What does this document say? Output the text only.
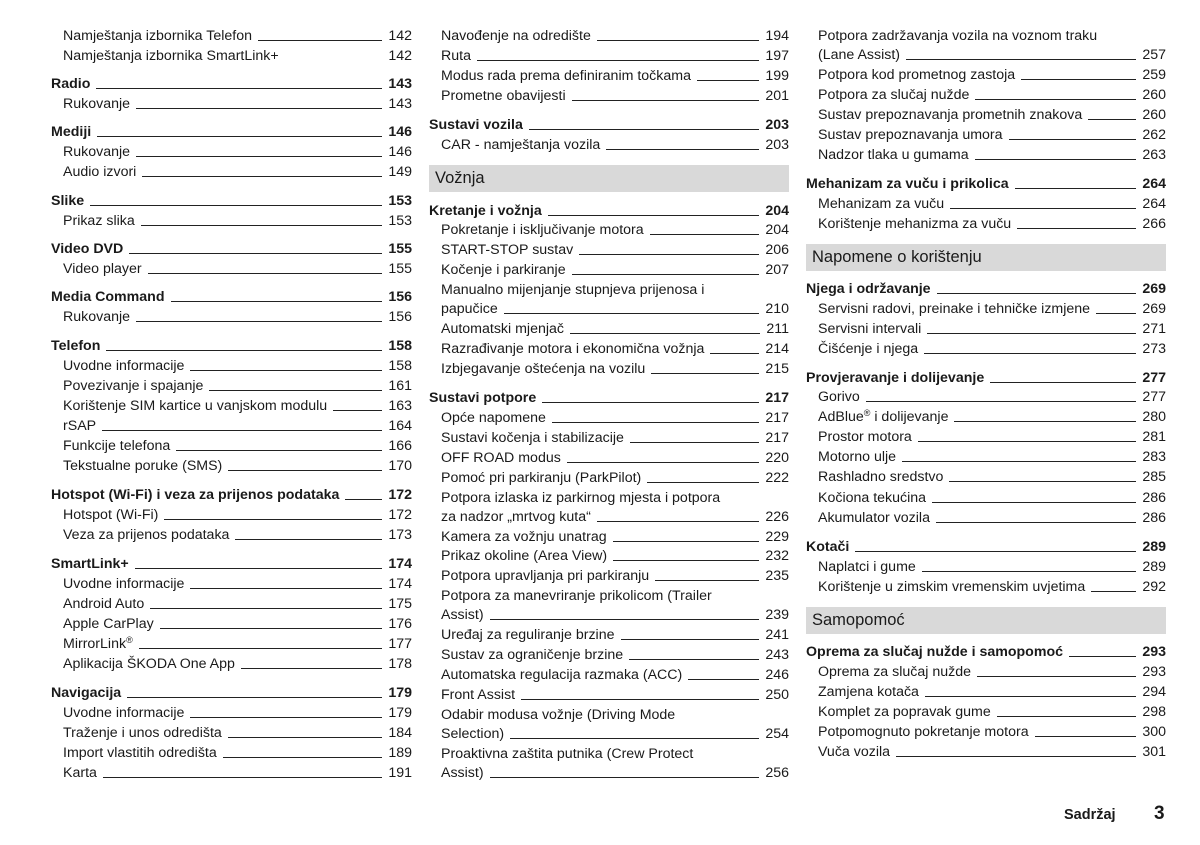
Namještanja izbornika Telefon	142
Namještanja izbornika SmartLink+	142
Radio	143
Rukovanje	143
Mediji	146
Rukovanje	146
Audio izvori	149
Slike	153
Prikaz slika	153
Video DVD	155
Video player	155
Media Command	156
Rukovanje	156
Telefon	158
Uvodne informacije	158
Povezivanje i spajanje	161
Korištenje SIM kartice u vanjskom modulu	163
rSAP	164
Funkcije telefona	166
Tekstualne poruke (SMS)	170
Hotspot (Wi-Fi) i veza za prijenos podataka	172
Hotspot (Wi-Fi)	172
Veza za prijenos podataka	173
SmartLink+	174
Uvodne informacije	174
Android Auto	175
Apple CarPlay	176
MirrorLink®	177
Aplikacija ŠKODA One App	178
Navigacija	179
Uvodne informacije	179
Traženje i unos odredišta	184
Import vlastitih odredišta	189
Karta	191
Navođenje na odredište	194
Ruta	197
Modus rada prema definiranim točkama	199
Prometne obavijesti	201
Sustavi vozila	203
CAR - namještanja vozila	203
Vožnja
Kretanje i vožnja	204
Pokretanje i isključivanje motora	204
START-STOP sustav	206
Kočenje i parkiranje	207
Manualno mijenjanje stupnjeva prijenosa i
papučice	210
Automatski mjenjač	211
Razrađivanje motora i ekonomična vožnja	214
Izbjegavanje oštećenja na vozilu	215
Sustavi potpore	217
Opće napomene	217
Sustavi kočenja i stabilizacije	217
OFF ROAD modus	220
Pomoć pri parkiranju (ParkPilot)	222
Potpora izlaska iz parkirnog mjesta i potpora
za nadzor „mrtvog kuta“	226
Kamera za vožnju unatrag	229
Prikaz okoline (Area View)	232
Potpora upravljanja pri parkiranju	235
Potpora za manevriranje prikolicom (Trailer
Assist)	239
Uređaj za reguliranje brzine	241
Sustav za ograničenje brzine	243
Automatska regulacija razmaka (ACC)	246
Front Assist	250
Odabir modusa vožnje (Driving Mode
Selection)	254
Proaktivna zaštita putnika (Crew Protect
Assist)	256
Potpora zadržavanja vozila na voznom traku
(Lane Assist)	257
Potpora kod prometnog zastoja	259
Potpora za slučaj nužde	260
Sustav prepoznavanja prometnih znakova	260
Sustav prepoznavanja umora	262
Nadzor tlaka u gumama	263
Mehanizam za vuču i prikolica	264
Mehanizam za vuču	264
Korištenje mehanizma za vuču	266
Napomene o korištenju
Njega i održavanje	269
Servisni radovi, preinake i tehničke izmjene	269
Servisni intervali	271
Čišćenje i njega	273
Provjeravanje i dolijevanje	277
Gorivo	277
AdBlue® i dolijevanje	280
Prostor motora	281
Motorno ulje	283
Rashladno sredstvo	285
Kočiona tekućina	286
Akumulator vozila	286
Kotači	289
Naplatci i gume	289
Korištenje u zimskim vremenskim uvjetima	292
Samopomoć
Oprema za slučaj nužde i samopomoć	293
Oprema za slučaj nužde	293
Zamjena kotača	294
Komplet za popravak gume	298
Potpomognuto pokretanje motora	300
Vuča vozila	301
Sadržaj 3
